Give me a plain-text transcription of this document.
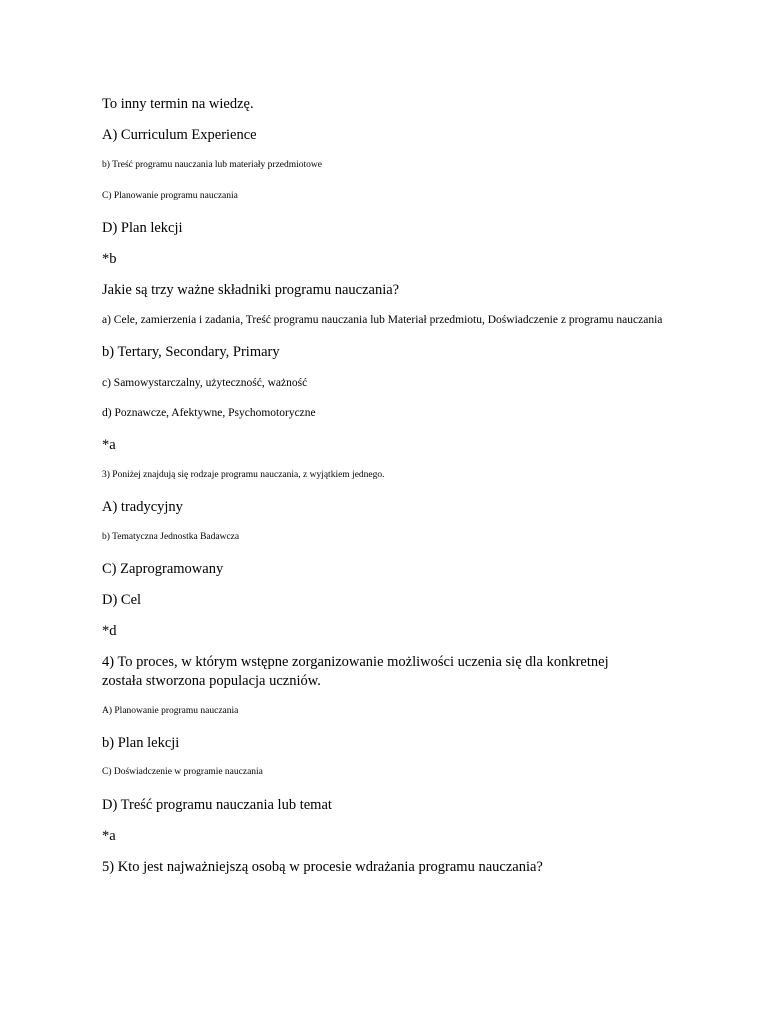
To inny termin na wiedzę.

A) Curriculum Experience

b) Treść programu nauczania lub materiały przedmiotowe

C) Planowanie programu nauczania

D) Plan lekcji

*b

Jakie są trzy ważne składniki programu nauczania?

a) Cele, zamierzenia i zadania, Treść programu nauczania lub Materiał przedmiotu, Doświadczenie z programu nauczania

b) Tertary, Secondary, Primary

c) Samowystarczalny, użyteczność, ważność

d) Poznawcze, Afektywne, Psychomotoryczne

*a

3) Poniżej znajdują się rodzaje programu nauczania, z wyjątkiem jednego.

A) tradycyjny

b) Tematyczna Jednostka Badawcza

C) Zaprogramowany

D) Cel

*d

4) To proces, w którym wstępne zorganizowanie możliwości uczenia się dla konkretnej

została stworzona populacja uczniów.

A) Planowanie programu nauczania

b) Plan lekcji

C) Doświadczenie w programie nauczania

D) Treść programu nauczania lub temat

*a

5) Kto jest najważniejszą osobą w procesie wdrażania programu nauczania?
